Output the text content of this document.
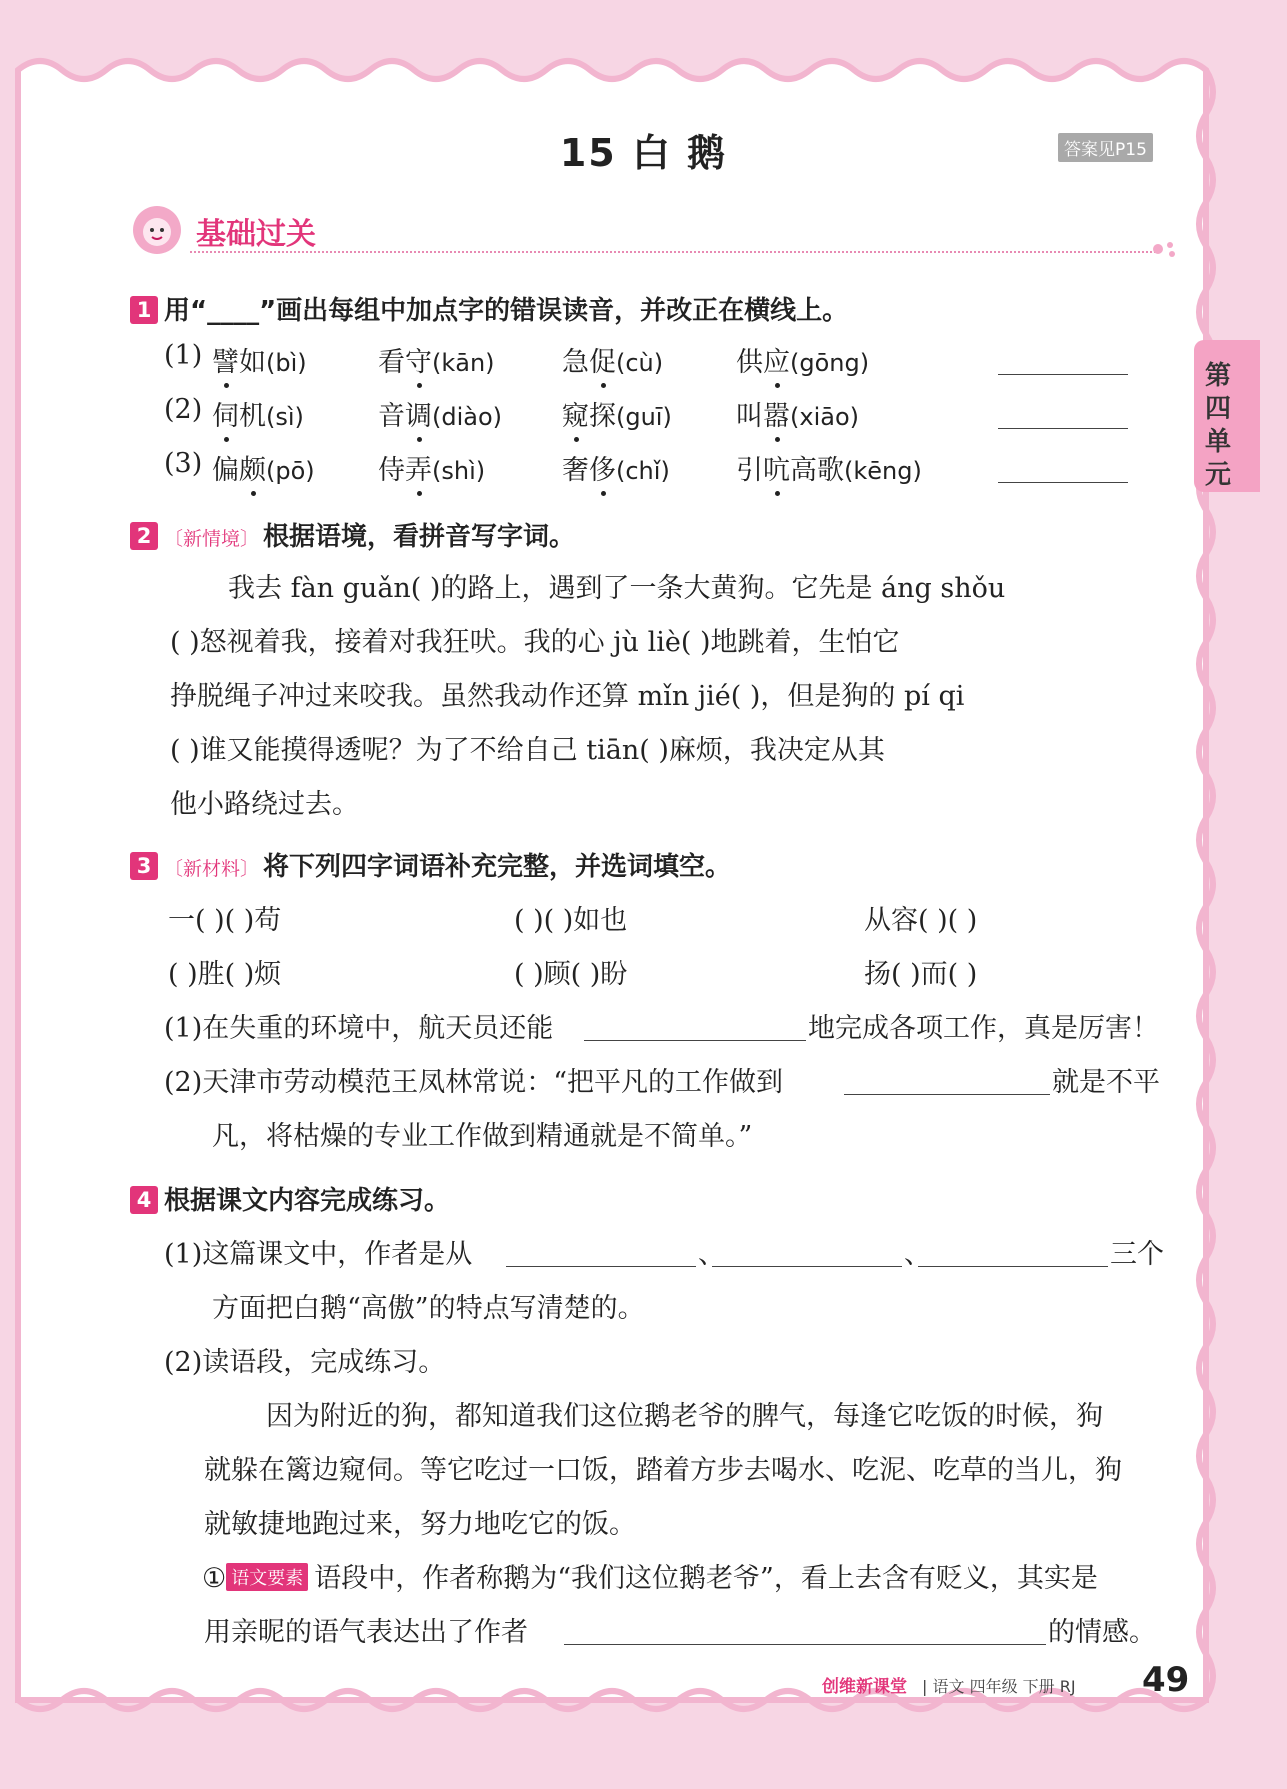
15 白 鹅	答案见P15
基础过关
第四单元
1 用“____”画出每组中加点字的错误读音，并改正在横线上。
(1) 譬如(bì)	看守(kān) 急促(cù)	供应(gōng)
(2) 伺机(sì)	音调(diào) 窥探(guī) 叫嚣(xiāo)
(3) 偏颇(pō) 侍弄(shì)	奢侈(chǐ) 引吭高歌(kēng)
2 〔新情境〕 根据语境，看拼音写字词。
我去 fàn guǎn( )的路上，遇到了一条大黄狗。它先是 áng shǒu
( )怒视着我，接着对我狂吠。我的心 jù liè( )地跳着，生怕它
挣脱绳子冲过来咬我。虽然我动作还算 mǐn jié( )，但是狗的 pí qi
( )谁又能摸得透呢？为了不给自己 tiān( )麻烦，我决定从其
他小路绕过去。
3 〔新材料〕 将下列四字词语补充完整，并选词填空。
一( )( )苟	( )( )如也	从容( )( )
( )胜( )烦	( )顾( )盼	扬( )而( )
(1)在失重的环境中，航天员还能	地完成各项工作，真是厉害！
(2)天津市劳动模范王凤林常说：“把平凡的工作做到	就是不平
凡，将枯燥的专业工作做到精通就是不简单。”
4 根据课文内容完成练习。
(1)这篇课文中，作者是从	、	、	三个
方面把白鹅“高傲”的特点写清楚的。
(2)读语段，完成练习。
因为附近的狗，都知道我们这位鹅老爷的脾气，每逢它吃饭的时候，狗
就躲在篱边窥伺。等它吃过一口饭，踏着方步去喝水、吃泥、吃草的当儿，狗
就敏捷地跑过来，努力地吃它的饭。
① 语文要素 语段中，作者称鹅为“我们这位鹅老爷”，看上去含有贬义，其实是
用亲昵的语气表达出了作者	的情感。
创维新课堂 | 语文 四年级 下册 RJ 49
